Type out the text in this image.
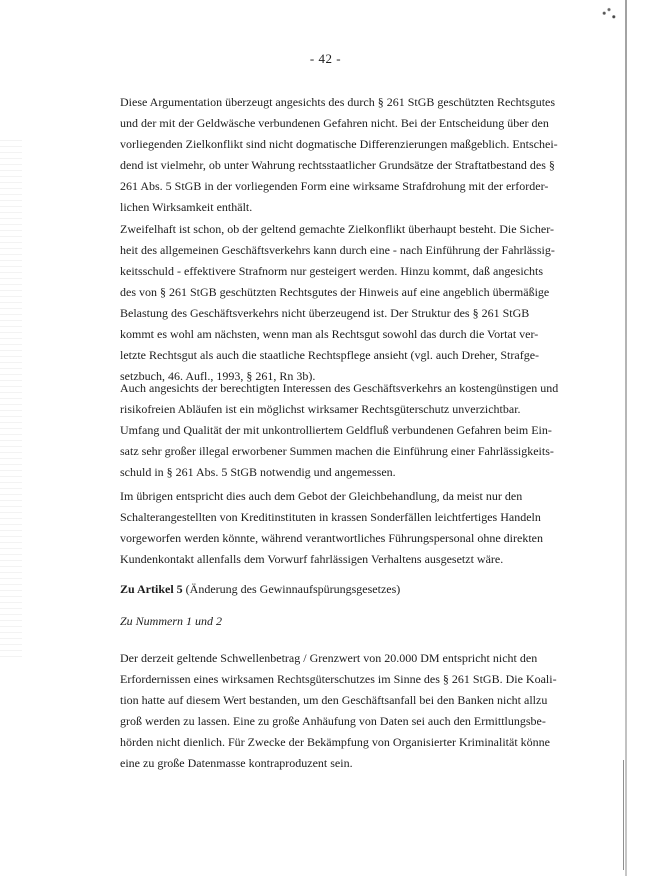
- 42 -

Diese Argumentation überzeugt angesichts des durch § 261 StGB geschützten Rechtsgutes
und der mit der Geldwäsche verbundenen Gefahren nicht. Bei der Entscheidung über den
vorliegenden Zielkonflikt sind nicht dogmatische Differenzierungen maßgeblich. Entschei-
dend ist vielmehr, ob unter Wahrung rechtsstaatlicher Grundsätze der Straftatbestand des §
261 Abs. 5 StGB in der vorliegenden Form eine wirksame Strafdrohung mit der erforder-
lichen Wirksamkeit enthält.

Zweifelhaft ist schon, ob der geltend gemachte Zielkonflikt überhaupt besteht. Die Sicher-
heit des allgemeinen Geschäftsverkehrs kann durch eine - nach Einführung der Fahrlässig-
keitsschuld - effektivere Strafnorm nur gesteigert werden. Hinzu kommt, daß angesichts
des von § 261 StGB geschützten Rechtsgutes der Hinweis auf eine angeblich übermäßige
Belastung des Geschäftsverkehrs nicht überzeugend ist. Der Struktur des § 261 StGB
kommt es wohl am nächsten, wenn man als Rechtsgut sowohl das durch die Vortat ver-
letzte Rechtsgut als auch die staatliche Rechtspflege ansieht (vgl. auch Dreher, Strafge-
setzbuch, 46. Aufl., 1993, § 261, Rn 3b).

Auch angesichts der berechtigten Interessen des Geschäftsverkehrs an kostengünstigen und
risikofreien Abläufen ist ein möglichst wirksamer Rechtsgüterschutz unverzichtbar.
Umfang und Qualität der mit unkontrolliertem Geldfluß verbundenen Gefahren beim Ein-
satz sehr großer illegal erworbener Summen machen die Einführung einer Fahrlässigkeits-
schuld in § 261 Abs. 5 StGB notwendig und angemessen.

Im übrigen entspricht dies auch dem Gebot der Gleichbehandlung, da meist nur den
Schalterangestellten von Kreditinstituten in krassen Sonderfällen leichtfertiges Handeln
vorgeworfen werden könnte, während verantwortliches Führungspersonal ohne direkten
Kundenkontakt allenfalls dem Vorwurf fahrlässigen Verhaltens ausgesetzt wäre.

Zu Artikel 5 (Änderung des Gewinnaufspürungsgesetzes)
Zu Nummern 1 und 2

Der derzeit geltende Schwellenbetrag / Grenzwert von 20.000 DM entspricht nicht den
Erfordernissen eines wirksamen Rechtsgüterschutzes im Sinne des § 261 StGB. Die Koali-
tion hatte auf diesem Wert bestanden, um den Geschäftsanfall bei den Banken nicht allzu
groß werden zu lassen. Eine zu große Anhäufung von Daten sei auch den Ermittlungsbe-
hörden nicht dienlich. Für Zwecke der Bekämpfung von Organisierter Kriminalität könne
eine zu große Datenmasse kontraproduzent sein.
